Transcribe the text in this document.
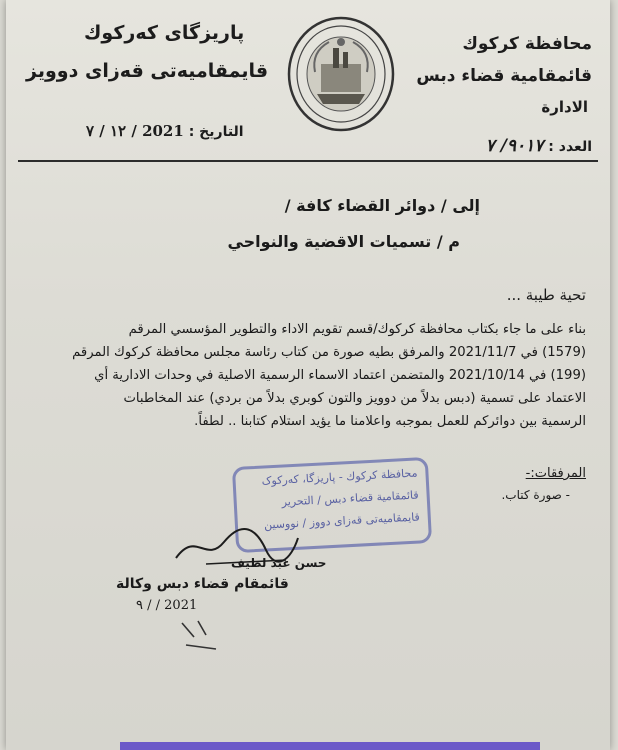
محافظة كركوك
قائمقامية قضاء دبس
الادارة
العدد : ٩٠١٧/ ٧
پاريزگاى كەركوك
قايمقامیەتی قەزای دوویز
التاريخ : 2021 / ١٢ / ٧
إلى / دوائر القضاء كافة /
م / تسميات الاقضية والنواحي
تحية طيبة ...
بناء على ما جاء بكتاب محافظة كركوك/قسم تقويم الاداء والتطوير المؤسسي المرقم
(1579) في 2021/11/7 والمرفق بطيه صورة من كتاب رئاسة مجلس محافظة كركوك المرقم
(199) في 2021/10/14 والمتضمن اعتماد الاسماء الرسمية الاصلية في وحدات الادارية أي
الاعتماد على تسمية (دبس بدلاً من دوويز والتون كوبري بدلاً من بردي) عند المخاطبات
الرسمية بين دوائركم للعمل بموجبه واعلامنا ما يؤيد استلام كتابنا .. لطفاً.
المرفقات:-
- صورة كتاب.
محافظة كركوك - پاريزگا، کەرکوک
قائمقامية قضاء دبس / التحرير
قايمقاميەتى قەزای دووز / نووسين
حسن عبد لطيف
قائمقام قضاء دبس وكالة
2021 / / ٩
